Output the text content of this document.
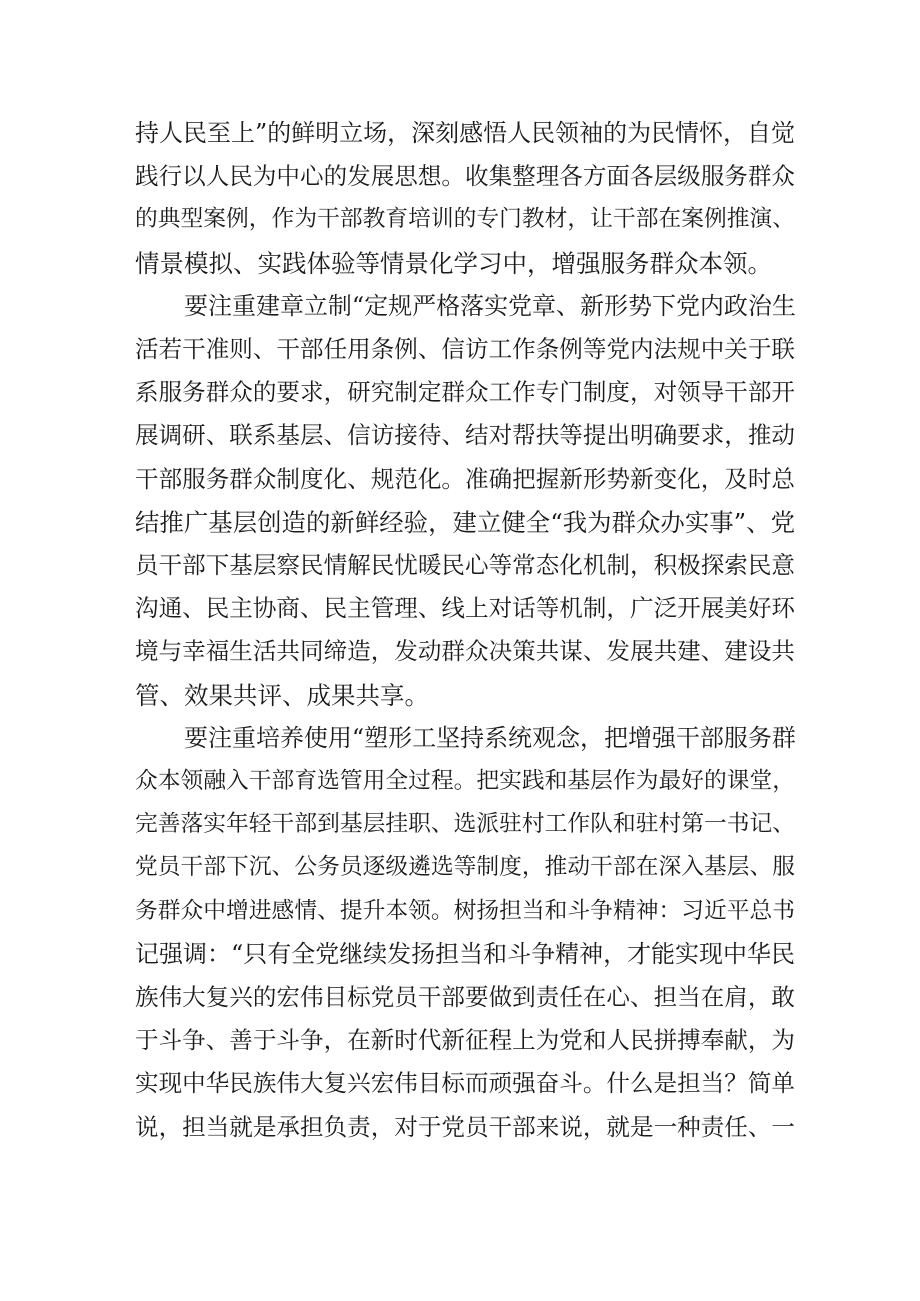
持人民至上”的鲜明立场，深刻感悟人民领袖的为民情怀，自觉
践行以人民为中心的发展思想。收集整理各方面各层级服务群众
的典型案例，作为干部教育培训的专门教材，让干部在案例推演、
情景模拟、实践体验等情景化学习中，增强服务群众本领。
要注重建章立制“定规严格落实党章、新形势下党内政治生
活若干准则、干部任用条例、信访工作条例等党内法规中关于联
系服务群众的要求，研究制定群众工作专门制度，对领导干部开
展调研、联系基层、信访接待、结对帮扶等提出明确要求，推动
干部服务群众制度化、规范化。准确把握新形势新变化，及时总
结推广基层创造的新鲜经验，建立健全“我为群众办实事”、党
员干部下基层察民情解民忧暖民心等常态化机制，积极探索民意
沟通、民主协商、民主管理、线上对话等机制，广泛开展美好环
境与幸福生活共同缔造，发动群众决策共谋、发展共建、建设共
管、效果共评、成果共享。
要注重培养使用“塑形工坚持系统观念，把增强干部服务群
众本领融入干部育选管用全过程。把实践和基层作为最好的课堂，
完善落实年轻干部到基层挂职、选派驻村工作队和驻村第一书记、
党员干部下沉、公务员逐级遴选等制度，推动干部在深入基层、服
务群众中增进感情、提升本领。树扬担当和斗争精神：习近平总书
记强调：“只有全党继续发扬担当和斗争精神，才能实现中华民
族伟大复兴的宏伟目标党员干部要做到责任在心、担当在肩，敢
于斗争、善于斗争，在新时代新征程上为党和人民拼搏奉献，为
实现中华民族伟大复兴宏伟目标而顽强奋斗。什么是担当？简单
说，担当就是承担负责，对于党员干部来说，就是一种责任、一
